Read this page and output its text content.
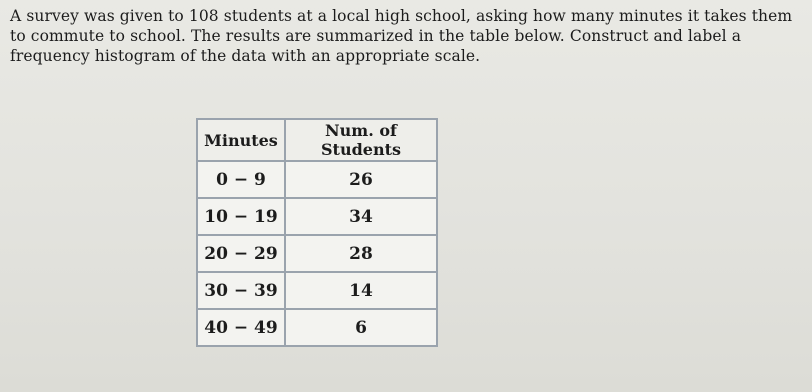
A survey was given to 108 students at a local high school, asking how many minutes it takes them to commute to school. The results are summarized in the table below. Construct and label a frequency histogram of the data with an appropriate scale.

Minutes	Num. of Students
0 − 9	26
10 − 19	34
20 − 29	28
30 − 39	14
40 − 49	6
